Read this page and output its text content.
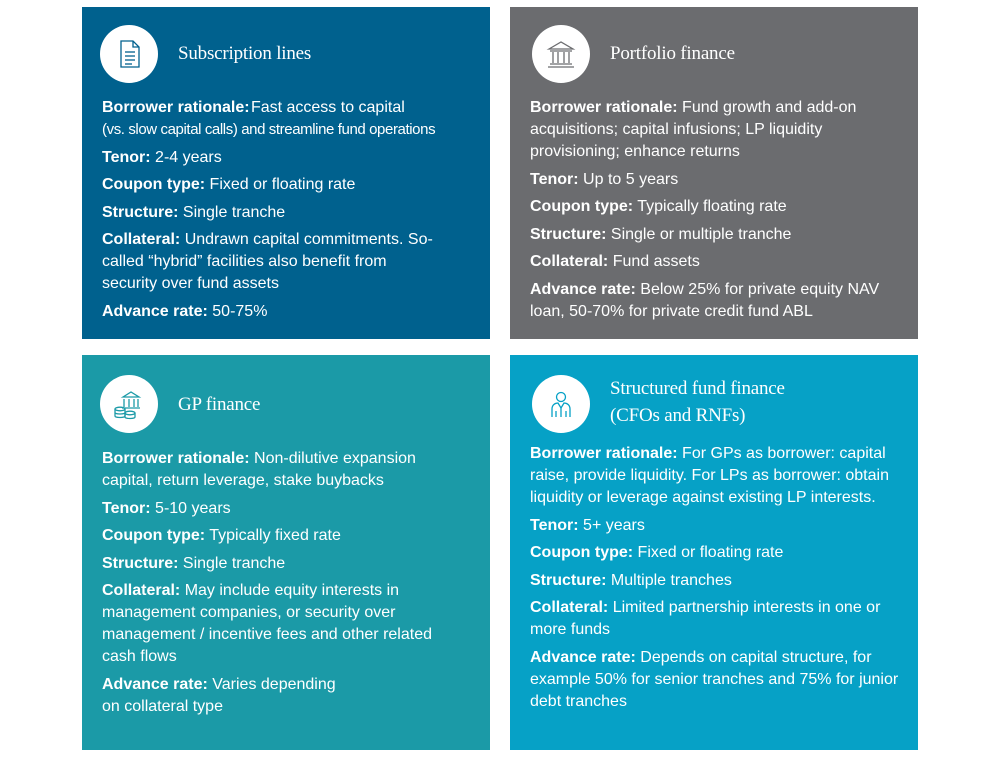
Subscription lines
Borrower rationale: Fast access to capital
(vs. slow capital calls) and streamline fund operations
Tenor: 2-4 years
Coupon type: Fixed or floating rate
Structure: Single tranche
Collateral: Undrawn capital commitments. So-called “hybrid” facilities also benefit from security over fund assets
Advance rate: 50-75%
Portfolio finance
Borrower rationale: Fund growth and add-on acquisitions; capital infusions; LP liquidity provisioning; enhance returns
Tenor: Up to 5 years
Coupon type: Typically floating rate
Structure: Single or multiple tranche
Collateral: Fund assets
Advance rate: Below 25% for private equity NAV loan, 50-70% for private credit fund ABL
GP finance
Borrower rationale: Non-dilutive expansion capital, return leverage, stake buybacks
Tenor: 5-10 years
Coupon type: Typically fixed rate
Structure: Single tranche
Collateral: May include equity interests in management companies, or security over management / incentive fees and other related cash flows
Advance rate: Varies depending on collateral type
Structured fund finance
(CFOs and RNFs)
Borrower rationale: For GPs as borrower: capital raise, provide liquidity. For LPs as borrower: obtain liquidity or leverage against existing LP interests.
Tenor: 5+ years
Coupon type: Fixed or floating rate
Structure: Multiple tranches
Collateral: Limited partnership interests in one or more funds
Advance rate: Depends on capital structure, for example 50% for senior tranches and 75% for junior debt tranches
